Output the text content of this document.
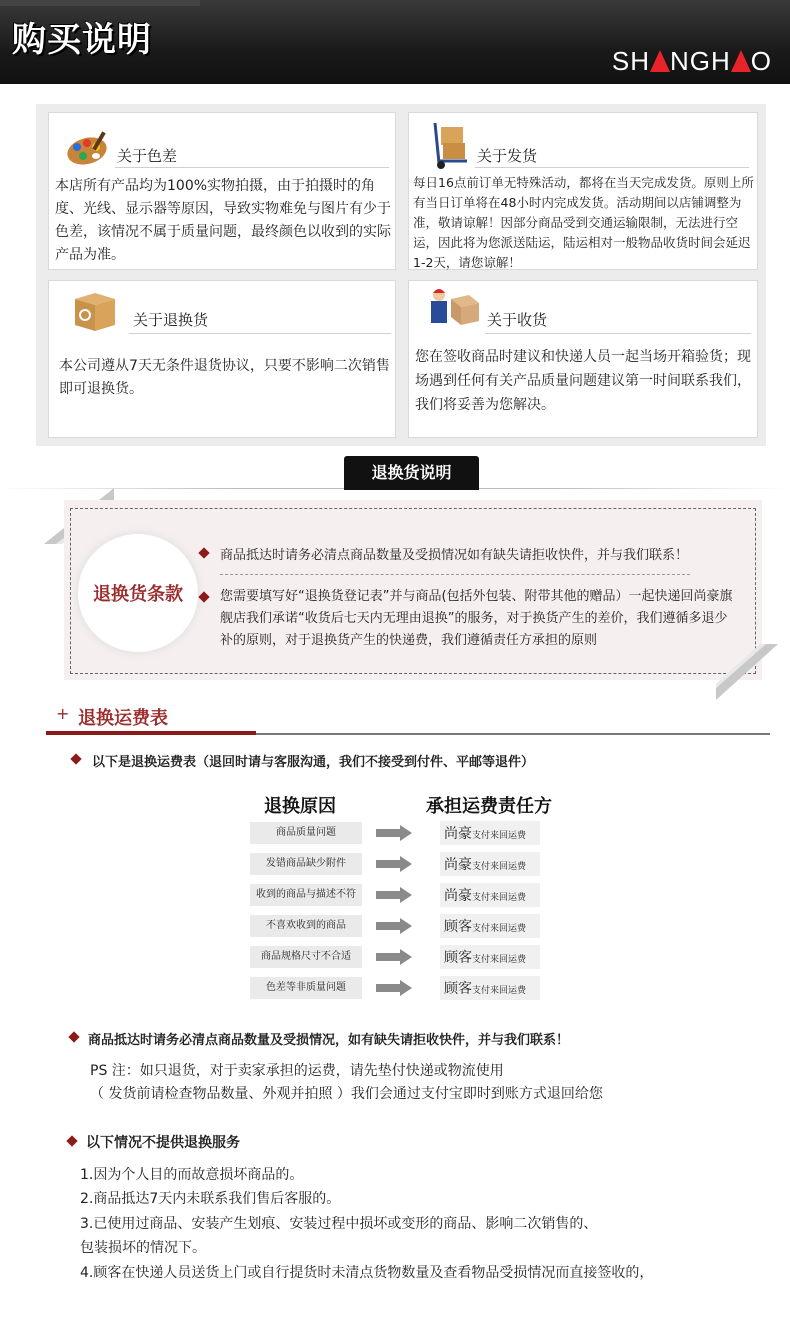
购买说明
SH NGH O
关于色差
本店所有产品均为100%实物拍摄，由于拍摄时的角度、光线、显示器等原因，导致实物难免与图片有少于色差，该情况不属于质量问题，最终颜色以收到的实际产品为准。
关于发货
每日16点前订单无特殊活动，都将在当天完成发货。原则上所有当日订单将在48小时内完成发货。活动期间以店铺调整为准，敬请谅解！因部分商品受到交通运输限制，无法进行空运，因此将为您派送陆运，陆运相对一般物品收货时间会延迟1-2天，请您谅解！
关于退换货
本公司遵从7天无条件退货协议，只要不影响二次销售即可退换货。
关于收货
您在签收商品时建议和快递人员一起当场开箱验货；现场遇到任何有关产品质量问题建议第一时间联系我们，我们将妥善为您解决。
退换货说明
退换货条款
商品抵达时请务必清点商品数量及受损情况如有缺失请拒收快件，并与我们联系！
您需要填写好“退换货登记表”并与商品(包括外包装、附带其他的赠品）一起快递回尚豪旗舰店我们承诺“收货后七天内无理由退换”的服务，对于换货产生的差价，我们遵循多退少补的原则，对于退换货产生的快递费，我们遵循责任方承担的原则
+ 退换运费表
以下是退换运费表（退回时请与客服沟通，我们不接受到付件、平邮等退件）
退换原因	承担运费责任方
商品质量问题	尚豪支付来回运费
发错商品缺少附件	尚豪支付来回运费
收到的商品与描述不符	尚豪支付来回运费
不喜欢收到的商品	顾客支付来回运费
商品规格尺寸不合适	顾客支付来回运费
色差等非质量问题	顾客支付来回运费
商品抵达时请务必清点商品数量及受损情况，如有缺失请拒收快件，并与我们联系！
PS 注：如只退货，对于卖家承担的运费，请先垫付快递或物流使用
（ 发货前请检查物品数量、外观并拍照 ）我们会通过支付宝即时到账方式退回给您
以下情况不提供退换服务
1.因为个人目的而故意损坏商品的。
2.商品抵达7天内未联系我们售后客服的。
3.已使用过商品、安装产生划痕、安装过程中损坏或变形的商品、影响二次销售的、
包装损坏的情况下。
4.顾客在快递人员送货上门或自行提货时未清点货物数量及查看物品受损情况而直接签收的，
